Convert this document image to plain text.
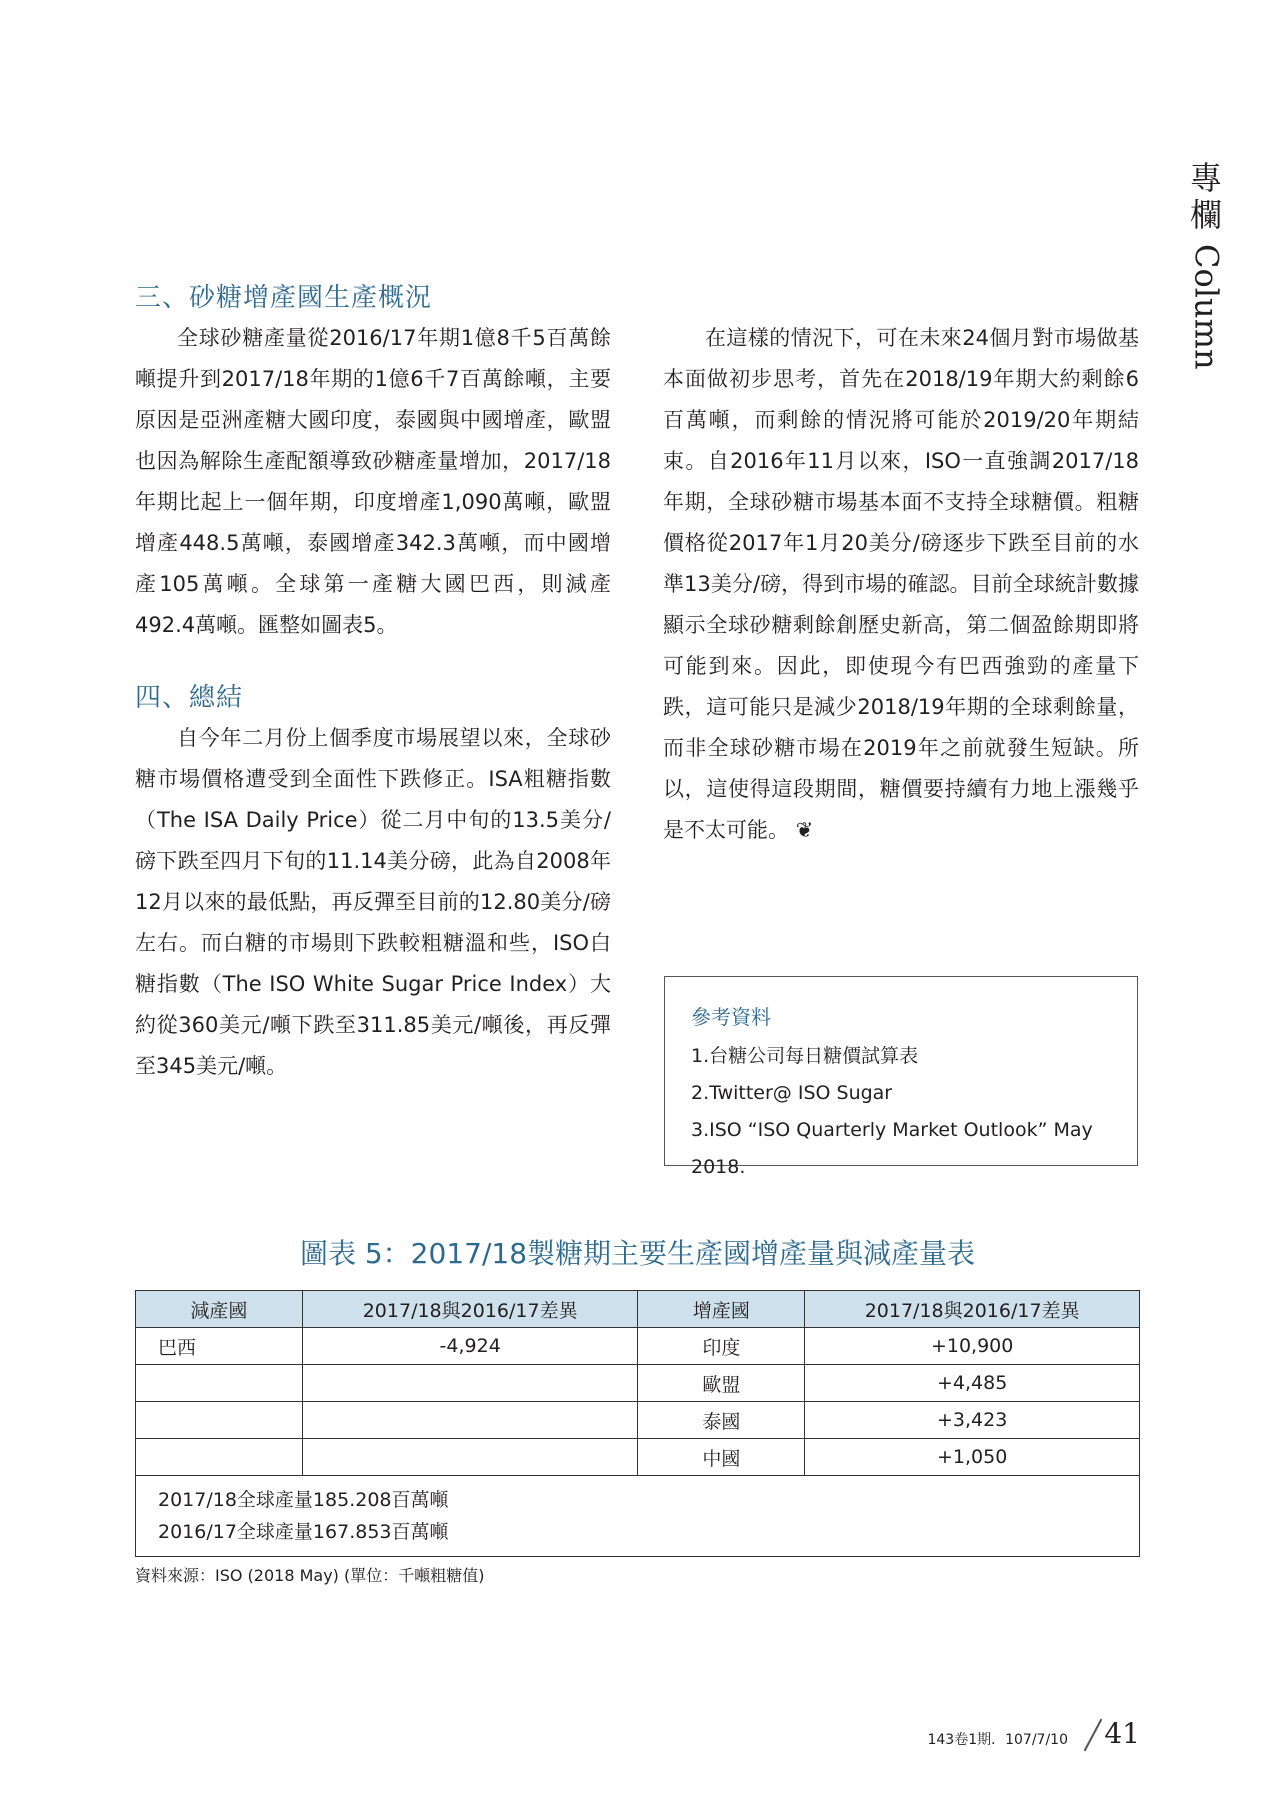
專
欄
Column
三、砂糖增產國生產概況

全球砂糖產量從2016/17年期1億8千5百萬餘噸提升到2017/18年期的1億6千7百萬餘噸，主要原因是亞洲產糖大國印度，泰國與中國增產，歐盟也因為解除生產配額導致砂糖產量增加，2017/18年期比起上一個年期，印度增產1,090萬噸，歐盟增產448.5萬噸，泰國增產342.3萬噸，而中國增產105萬噸。全球第一產糖大國巴西，則減產492.4萬噸。匯整如圖表5。

四、總結

自今年二月份上個季度市場展望以來，全球砂糖市場價格遭受到全面性下跌修正。ISA粗糖指數（The ISA Daily Price）從二月中旬的13.5美分/磅下跌至四月下旬的11.14美分磅，此為自2008年12月以來的最低點，再反彈至目前的12.80美分/磅左右。而白糖的市場則下跌較粗糖溫和些，ISO白糖指數（The ISO White Sugar Price Index）大約從360美元/噸下跌至311.85美元/噸後，再反彈至345美元/噸。

在這樣的情況下，可在未來24個月對市場做基本面做初步思考，首先在2018/19年期大約剩餘6百萬噸，而剩餘的情況將可能於2019/20年期結束。自2016年11月以來，ISO一直強調2017/18年期，全球砂糖市場基本面不支持全球糖價。粗糖價格從2017年1月20美分/磅逐步下跌至目前的水準13美分/磅，得到市場的確認。目前全球統計數據顯示全球砂糖剩餘創歷史新高，第二個盈餘期即將可能到來。因此，即使現今有巴西強勁的產量下跌，這可能只是減少2018/19年期的全球剩餘量，而非全球砂糖市場在2019年之前就發生短缺。所以，這使得這段期間，糖價要持續有力地上漲幾乎是不太可能。 ❦

參考資料

1.台糖公司每日糖價試算表

2.Twitter@ ISO Sugar

3.ISO “ISO Quarterly Market Outlook” May 2018.

圖表 5：2017/18製糖期主要生產國增產量與減產量表
減產國	2017/18與2016/17差異	增產國	2017/18與2016/17差異
巴西	-4,924	印度	+10,900
		歐盟	+4,485
		泰國	+3,423
		中國	+1,050

2017/18全球產量185.208百萬噸
2016/17全球產量167.853百萬噸			
資料來源：ISO (2018 May) (單位：千噸粗糖值)
143卷1期．107/7/10 41
